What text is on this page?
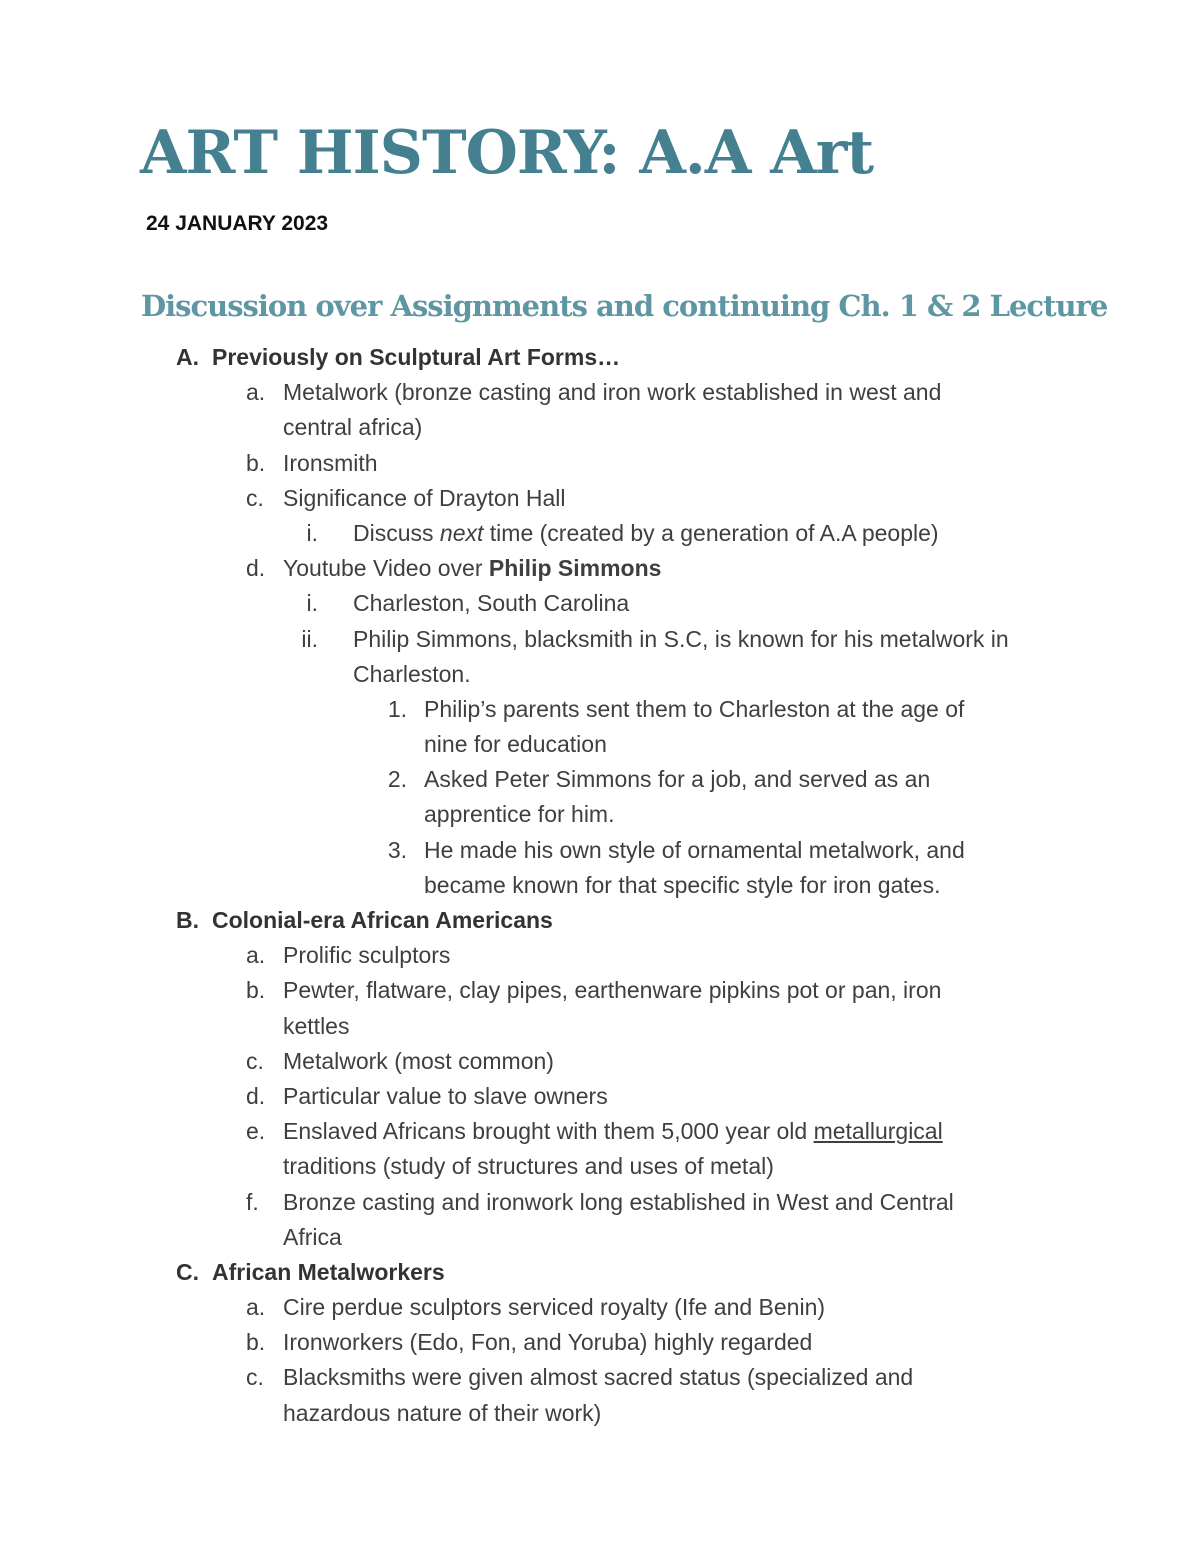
ART HISTORY: A.A Art
24 JANUARY 2023
Discussion over Assignments and continuing Ch. 1 & 2 Lecture
A. Previously on Sculptural Art Forms…
a. Metalwork (bronze casting and iron work established in west and
central africa)
b. Ironsmith
c. Significance of Drayton Hall
i. Discuss next time (created by a generation of A.A people)
d. Youtube Video over Philip Simmons
i. Charleston, South Carolina
ii. Philip Simmons, blacksmith in S.C, is known for his metalwork in
Charleston.
1. Philip’s parents sent them to Charleston at the age of
nine for education
2. Asked Peter Simmons for a job, and served as an
apprentice for him.
3. He made his own style of ornamental metalwork, and
became known for that specific style for iron gates.
B. Colonial-era African Americans
a. Prolific sculptors
b. Pewter, flatware, clay pipes, earthenware pipkins pot or pan, iron
kettles
c. Metalwork (most common)
d. Particular value to slave owners
e. Enslaved Africans brought with them 5,000 year old metallurgical
traditions (study of structures and uses of metal)
f. Bronze casting and ironwork long established in West and Central
Africa
C. African Metalworkers
a. Cire perdue sculptors serviced royalty (Ife and Benin)
b. Ironworkers (Edo, Fon, and Yoruba) highly regarded
c. Blacksmiths were given almost sacred status (specialized and
hazardous nature of their work)
